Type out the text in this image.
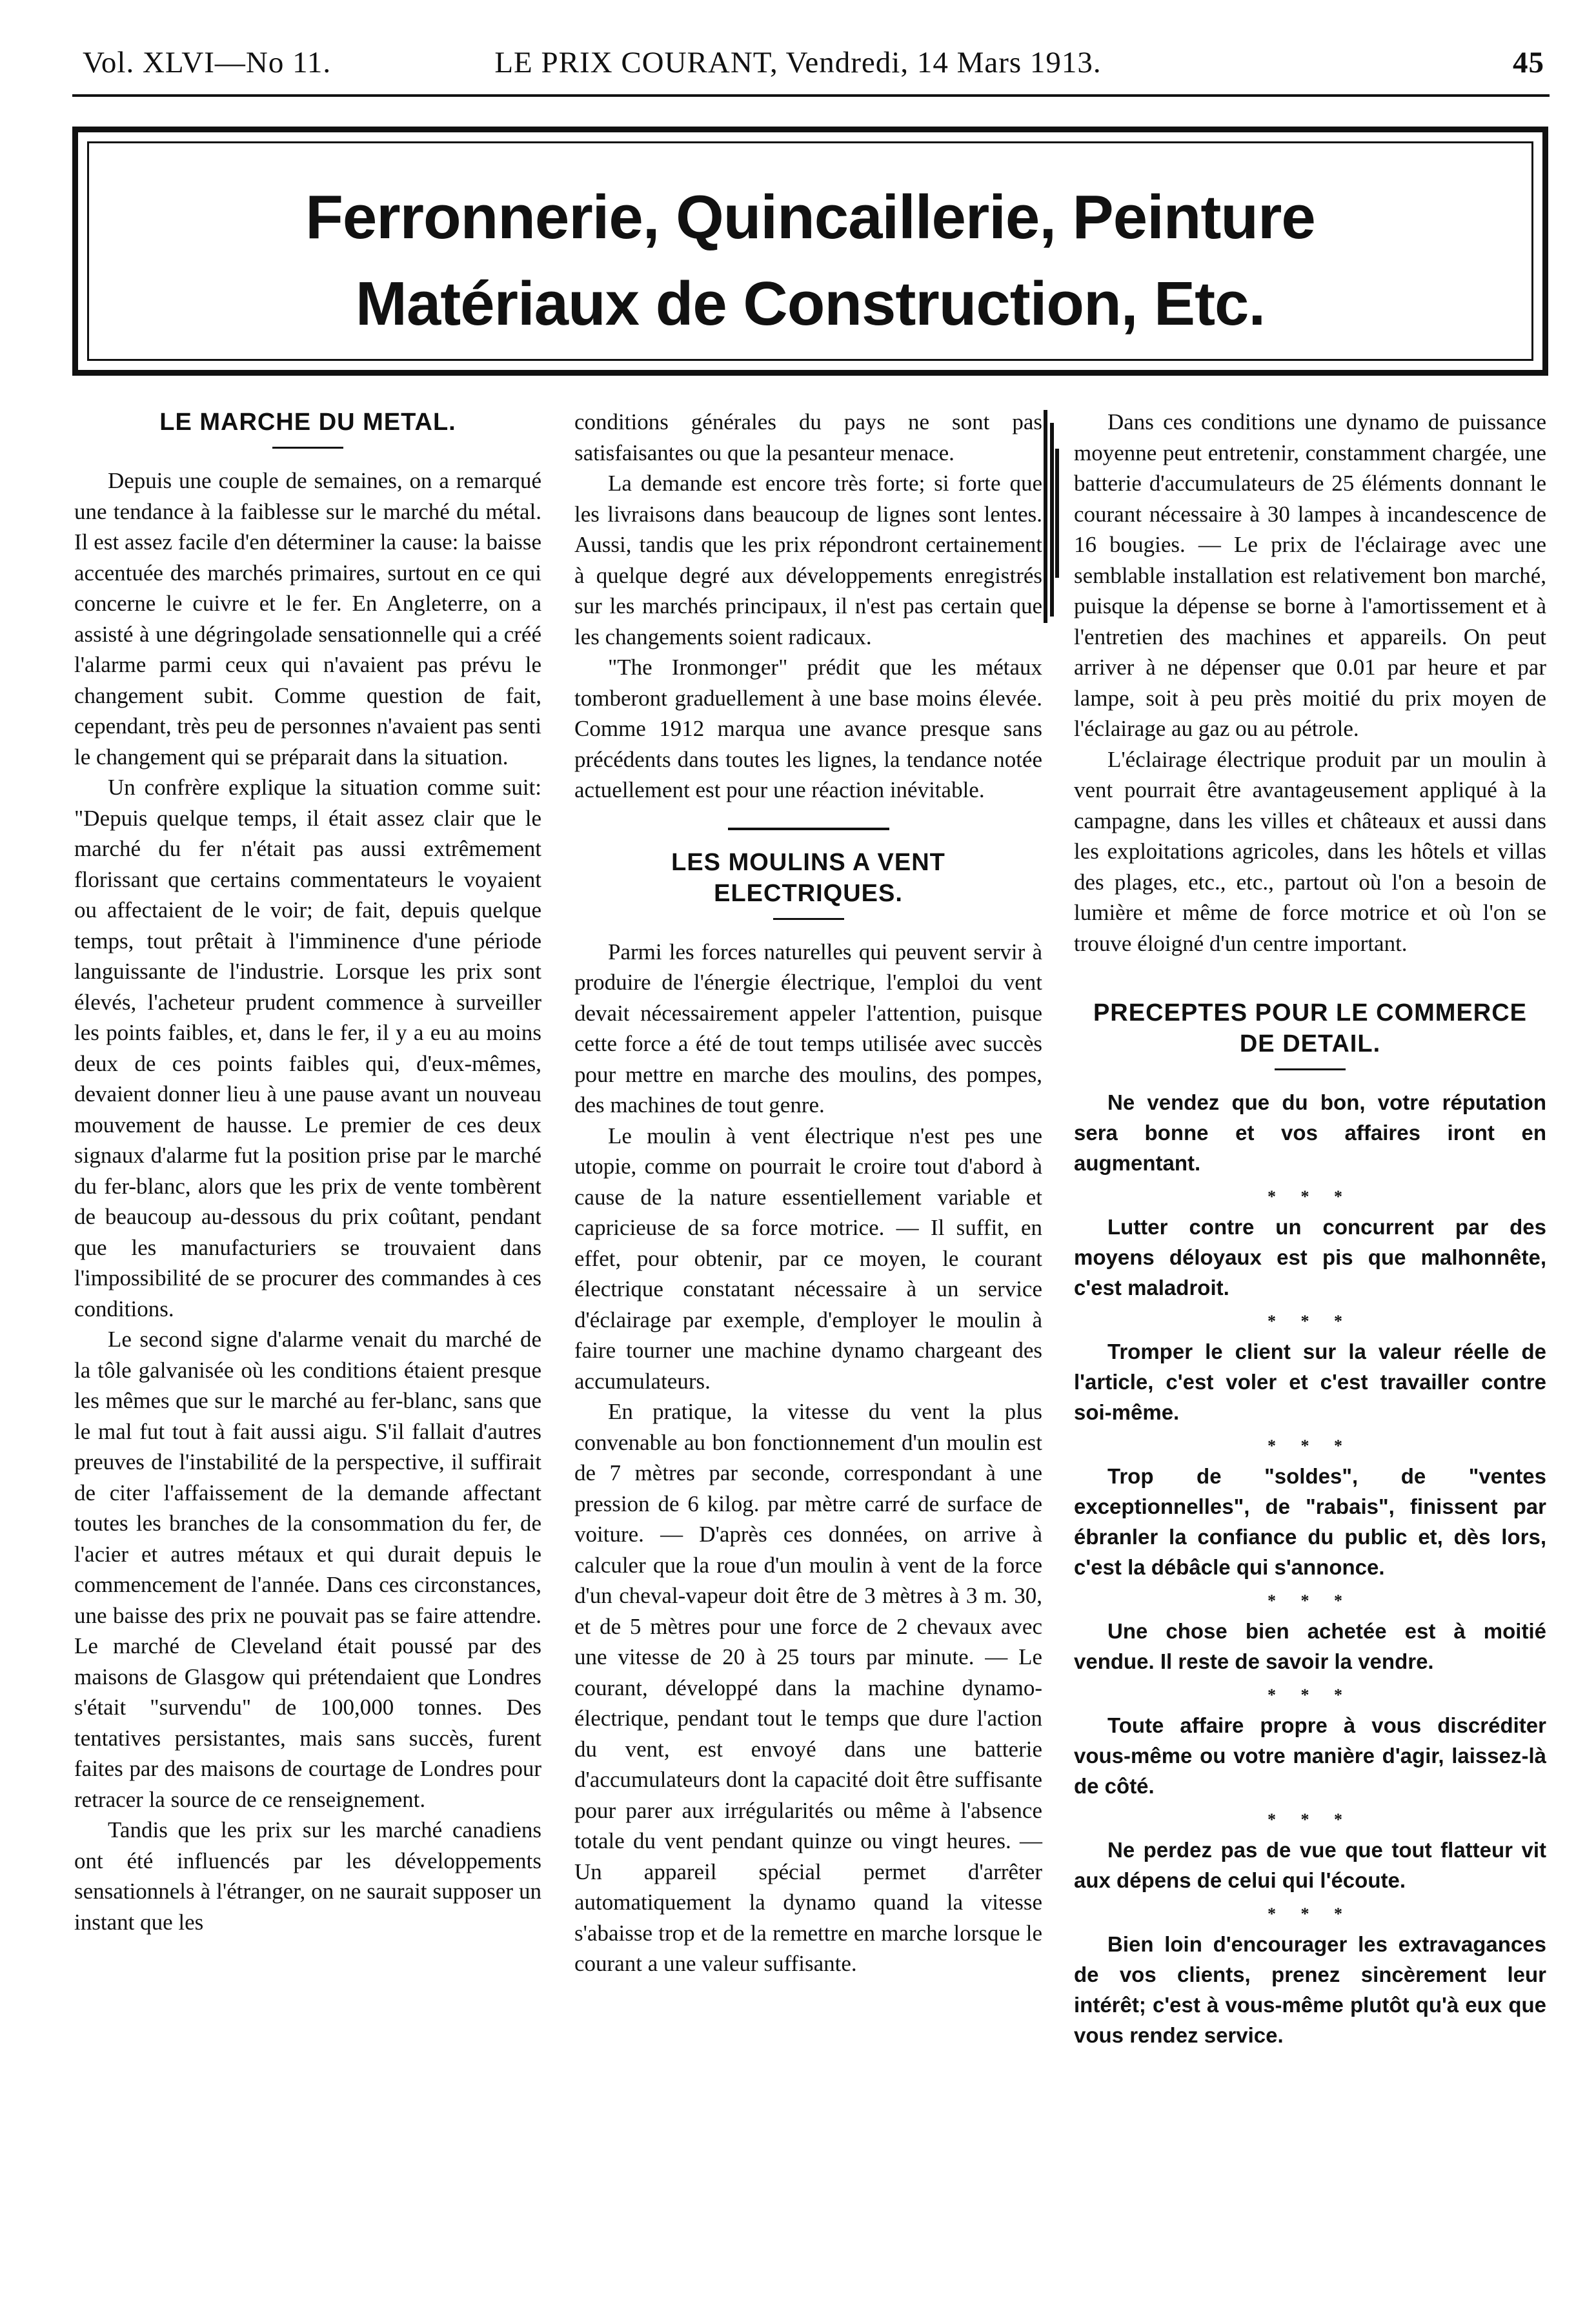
Vol. XLVI—No 11.	LE PRIX COURANT, Vendredi, 14 Mars 1913.	45
Ferronnerie, Quincaillerie, Peinture
Matériaux de Construction, Etc.
LE MARCHE DU METAL.

Depuis une couple de semaines, on a remarqué une tendance à la faiblesse sur le marché du métal. Il est assez facile d'en déterminer la cause: la baisse accentuée des marchés primaires, surtout en ce qui concerne le cuivre et le fer. En Angleterre, on a assisté à une dégringolade sensationnelle qui a créé l'alarme parmi ceux qui n'avaient pas prévu le changement subit. Comme question de fait, cependant, très peu de personnes n'avaient pas senti le changement qui se préparait dans la situation.

Un confrère explique la situation comme suit: "Depuis quelque temps, il était assez clair que le marché du fer n'était pas aussi extrêmement florissant que certains commentateurs le voyaient ou affectaient de le voir; de fait, depuis quelque temps, tout prêtait à l'imminence d'une période languissante de l'industrie. Lorsque les prix sont élevés, l'acheteur prudent commence à surveiller les points faibles, et, dans le fer, il y a eu au moins deux de ces points faibles qui, d'eux-mêmes, devaient donner lieu à une pause avant un nouveau mouvement de hausse. Le premier de ces deux signaux d'alarme fut la position prise par le marché du fer-blanc, alors que les prix de vente tombèrent de beaucoup au-dessous du prix coûtant, pendant que les manufacturiers se trouvaient dans l'impossibilité de se procurer des commandes à ces conditions.

Le second signe d'alarme venait du marché de la tôle galvanisée où les conditions étaient presque les mêmes que sur le marché au fer-blanc, sans que le mal fut tout à fait aussi aigu. S'il fallait d'autres preuves de l'instabilité de la perspective, il suffirait de citer l'affaissement de la demande affectant toutes les branches de la consommation du fer, de l'acier et autres métaux et qui durait depuis le commencement de l'année. Dans ces circonstances, une baisse des prix ne pouvait pas se faire attendre. Le marché de Cleveland était poussé par des maisons de Glasgow qui prétendaient que Londres s'était "survendu" de 100,000 tonnes. Des tentatives persistantes, mais sans succès, furent faites par des maisons de courtage de Londres pour retracer la source de ce renseignement.

Tandis que les prix sur les marché canadiens ont été influencés par les développements sensationnels à l'étranger, on ne saurait supposer un instant que les

conditions générales du pays ne sont pas satisfaisantes ou que la pesanteur menace.

La demande est encore très forte; si forte que les livraisons dans beaucoup de lignes sont lentes. Aussi, tandis que les prix répondront certainement à quelque degré aux développements enregistrés sur les marchés principaux, il n'est pas certain que les changements soient radicaux.

"The Ironmonger" prédit que les métaux tomberont graduellement à une base moins élevée. Comme 1912 marqua une avance presque sans précédents dans toutes les lignes, la tendance notée actuellement est pour une réaction inévitable.

LES MOULINS A VENT ELECTRIQUES.

Parmi les forces naturelles qui peuvent servir à produire de l'énergie électrique, l'emploi du vent devait nécessairement appeler l'attention, puisque cette force a été de tout temps utilisée avec succès pour mettre en marche des moulins, des pompes, des machines de tout genre.

Le moulin à vent électrique n'est pes une utopie, comme on pourrait le croire tout d'abord à cause de la nature essentiellement variable et capricieuse de sa force motrice. — Il suffit, en effet, pour obtenir, par ce moyen, le courant électrique constatant nécessaire à un service d'éclairage par exemple, d'employer le moulin à faire tourner une machine dynamo chargeant des accumulateurs.

En pratique, la vitesse du vent la plus convenable au bon fonctionnement d'un moulin est de 7 mètres par seconde, correspondant à une pression de 6 kilog. par mètre carré de surface de voiture. — D'après ces données, on arrive à calculer que la roue d'un moulin à vent de la force d'un cheval-vapeur doit être de 3 mètres à 3 m. 30, et de 5 mètres pour une force de 2 chevaux avec une vitesse de 20 à 25 tours par minute. — Le courant, développé dans la machine dynamo-électrique, pendant tout le temps que dure l'action du vent, est envoyé dans une batterie d'accumulateurs dont la capacité doit être suffisante pour parer aux irrégularités ou même à l'absence totale du vent pendant quinze ou vingt heures. — Un appareil spécial permet d'arrêter automatiquement la dynamo quand la vitesse s'abaisse trop et de la remettre en marche lorsque le courant a une valeur suffisante.

Dans ces conditions une dynamo de puissance moyenne peut entretenir, constamment chargée, une batterie d'accumulateurs de 25 éléments donnant le courant nécessaire à 30 lampes à incandescence de 16 bougies. — Le prix de l'éclairage avec une semblable installation est relativement bon marché, puisque la dépense se borne à l'amortissement et à l'entretien des machines et appareils. On peut arriver à ne dépenser que 0.01 par heure et par lampe, soit à peu près moitié du prix moyen de l'éclairage au gaz ou au pétrole.

L'éclairage électrique produit par un moulin à vent pourrait être avantageusement appliqué à la campagne, dans les villes et châteaux et aussi dans les exploitations agricoles, dans les hôtels et villas des plages, etc., etc., partout où l'on a besoin de lumière et même de force motrice et où l'on se trouve éloigné d'un centre important.

PRECEPTES POUR LE COMMERCE
DE DETAIL.

Ne vendez que du bon, votre réputation sera bonne et vos affaires iront en augmentant.

* * *

Lutter contre un concurrent par des moyens déloyaux est pis que malhonnête, c'est maladroit.

* * *

Tromper le client sur la valeur réelle de l'article, c'est voler et c'est travailler contre soi-même.

* * *

Trop de "soldes", de "ventes exceptionnelles", de "rabais", finissent par ébranler la confiance du public et, dès lors, c'est la débâcle qui s'annonce.

* * *

Une chose bien achetée est à moitié vendue. Il reste de savoir la vendre.

* * *

Toute affaire propre à vous discréditer vous-même ou votre manière d'agir, laissez-là de côté.

* * *

Ne perdez pas de vue que tout flatteur vit aux dépens de celui qui l'écoute.

* * *

Bien loin d'encourager les extravagances de vos clients, prenez sincèrement leur intérêt; c'est à vous-même plutôt qu'à eux que vous rendez service.
